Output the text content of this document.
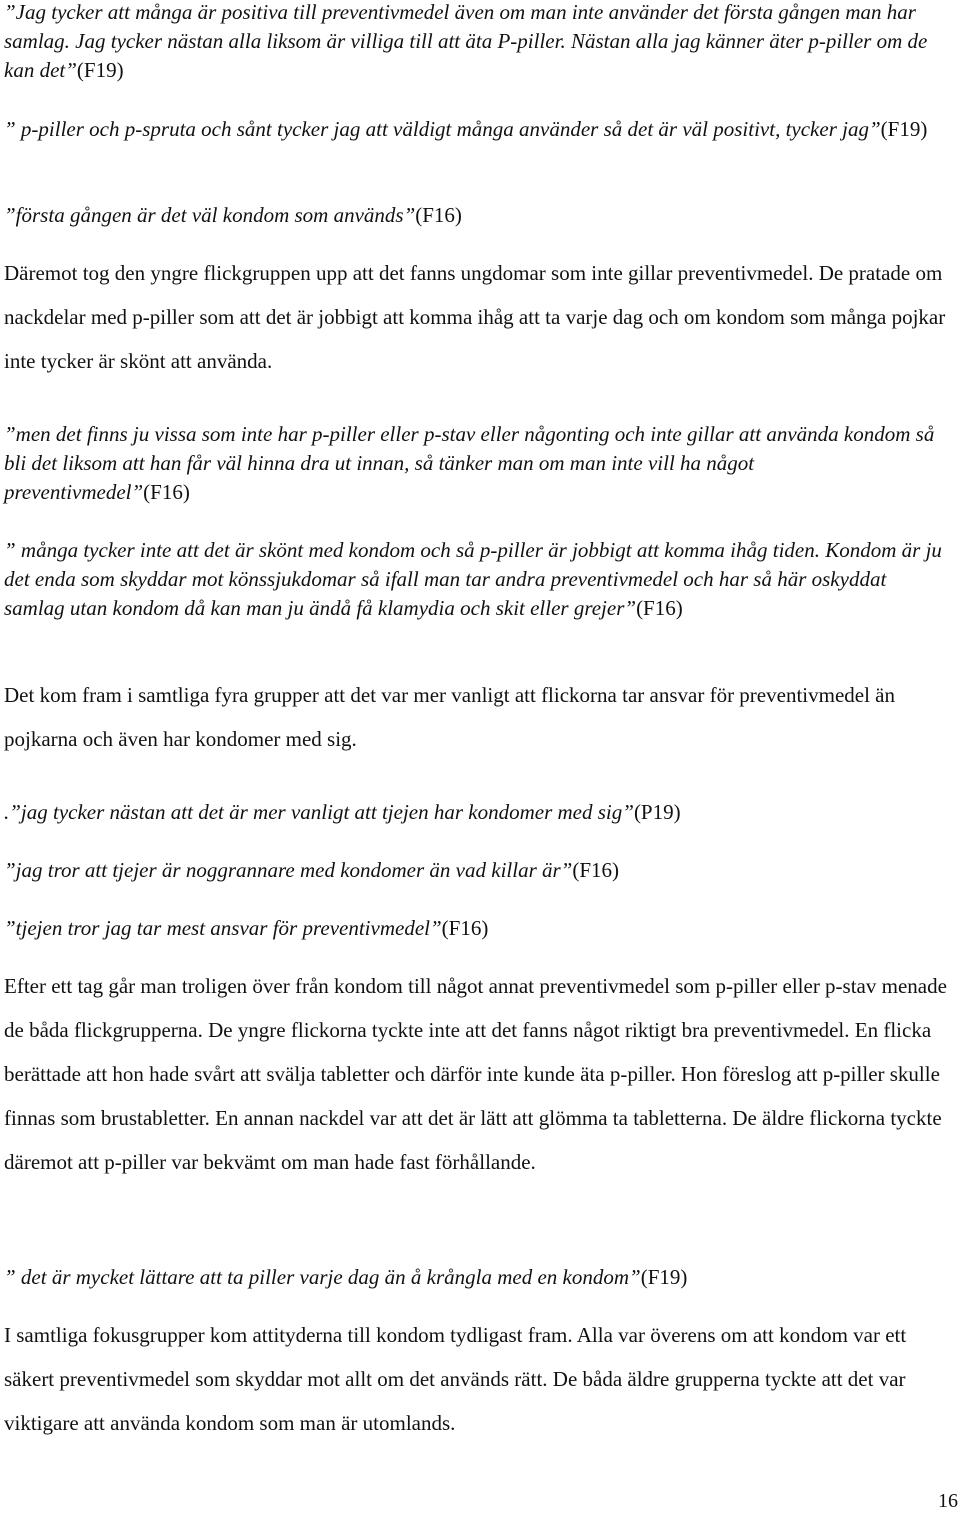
”Jag tycker att många är positiva till preventivmedel även om man inte använder det första gången man har samlag. Jag tycker nästan alla liksom är villiga till att äta P-piller. Nästan alla jag känner äter p-piller om de kan det”(F19)

” p-piller och p-spruta och sånt tycker jag att väldigt många använder så det är väl positivt, tycker jag”(F19)

”första gången är det väl kondom som används”(F16)

Däremot tog den yngre flickgruppen upp att det fanns ungdomar som inte gillar preventivmedel. De pratade om nackdelar med p-piller som att det är jobbigt att komma ihåg att ta varje dag och om kondom som många pojkar inte tycker är skönt att använda.

”men det finns ju vissa som inte har p-piller eller p-stav eller någonting och inte gillar att använda kondom så bli det liksom att han får väl hinna dra ut innan, så tänker man om man inte vill ha något preventivmedel”(F16)

” många tycker inte att det är skönt med kondom och så p-piller är jobbigt att komma ihåg tiden. Kondom är ju det enda som skyddar mot könssjukdomar så ifall man tar andra preventivmedel och har så här oskyddat samlag utan kondom då kan man ju ändå få klamydia och skit eller grejer”(F16)

Det kom fram i samtliga fyra grupper att det var mer vanligt att flickorna tar ansvar för preventivmedel än pojkarna och även har kondomer med sig.

.”jag tycker nästan att det är mer vanligt att tjejen har kondomer med sig”(P19)

”jag tror att tjejer är noggrannare med kondomer än vad killar är”(F16)

”tjejen tror jag tar mest ansvar för preventivmedel”(F16)

Efter ett tag går man troligen över från kondom till något annat preventivmedel som p-piller eller p-stav menade de båda flickgrupperna. De yngre flickorna tyckte inte att det fanns något riktigt bra preventivmedel. En flicka berättade att hon hade svårt att svälja tabletter och därför inte kunde äta p-piller. Hon föreslog att p-piller skulle finnas som brustabletter. En annan nackdel var att det är lätt att glömma ta tabletterna. De äldre flickorna tyckte däremot att p-piller var bekvämt om man hade fast förhållande.

” det är mycket lättare att ta piller varje dag än å krångla med en kondom”(F19)

I samtliga fokusgrupper kom attityderna till kondom tydligast fram. Alla var överens om att kondom var ett säkert preventivmedel som skyddar mot allt om det används rätt. De båda äldre grupperna tyckte att det var viktigare att använda kondom som man är utomlands.

16
